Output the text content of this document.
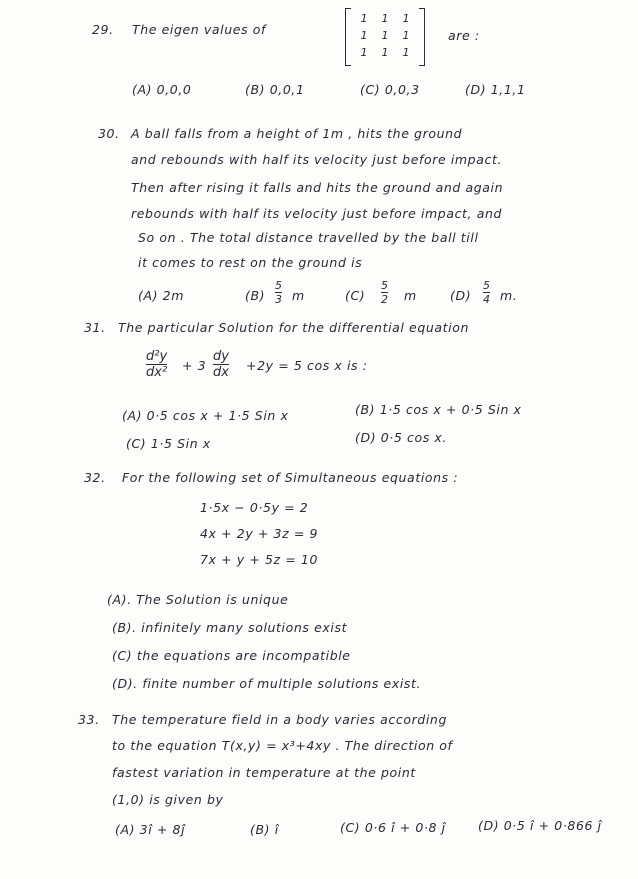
29. The eigen values of
1	1	1
1	1	1
1	1	1
are :
(A) 0,0,0	(B) 0,0,1	(C) 0,0,3	(D) 1,1,1
30. A ball falls from a height of 1m , hits the ground
and rebounds with half its velocity just before impact.
Then after rising it falls and hits the ground and again
rebounds with half its velocity just before impact, and
So on . The total distance travelled by the ball till
it comes to rest on the ground is
(A) 2m	(B)
5
3 m	(C)
5
2 m	(D)
5
4 m.
31. The particular Solution for the differential equation
d²y
dx² + 3
dy
dx +2y = 5 cos x is :
(A) 0·5 cos x + 1·5 Sin x	(B) 1·5 cos x + 0·5 Sin x
(C) 1·5 Sin x	(D) 0·5 cos x.
32. For the following set of Simultaneous equations :
1·5x − 0·5y = 2
4x + 2y + 3z = 9
7x + y + 5z = 10
(A). The Solution is unique
(B). infinitely many solutions exist
(C) the equations are incompatible
(D). finite number of multiple solutions exist.
33. The temperature field in a body varies according
to the equation T(x,y) = x³+4xy . The direction of
fastest variation in temperature at the point
(1,0) is given by
(A) 3î + 8ĵ	(B) î	(C) 0·6 î + 0·8 ĵ	(D) 0·5 î + 0·866 ĵ
